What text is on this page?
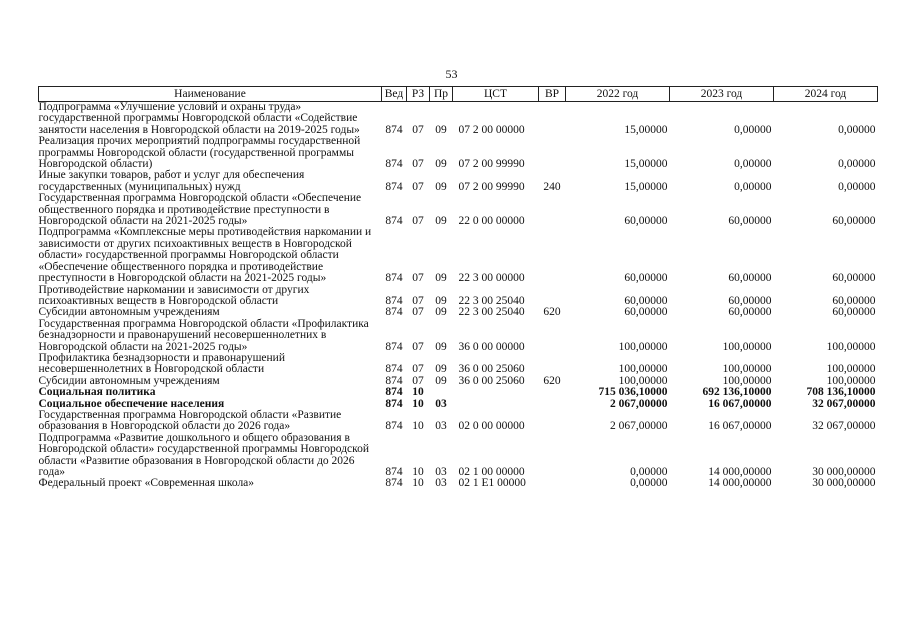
53
Наименование	Вед	РЗ	Пр	ЦСТ	ВР	2022 год	2023 год	2024 год
Подпрограмма «Улучшение условий и охраны труда» государственной программы Новгородской области «Содействие занятости населения в Новгородской области на 2019-2025 годы»	874	07	09	07 2 00 00000		15,00000	0,00000	0,00000
Реализация прочих мероприятий подпрограммы государственной программы Новгородской области (государственной программы Новгородской области)	874	07	09	07 2 00 99990		15,00000	0,00000	0,00000
Иные закупки товаров, работ и услуг для обеспечения государственных (муниципальных) нужд	874	07	09	07 2 00 99990	240	15,00000	0,00000	0,00000
Государственная программа Новгородской области «Обеспечение общественного порядка и противодействие преступности в Новгородской области на 2021-2025 годы»	874	07	09	22 0 00 00000		60,00000	60,00000	60,00000
Подпрограмма «Комплексные меры противодействия наркомании и зависимости от других психоактивных веществ в Новгородской области» государственной программы Новгородской области «Обеспечение общественного порядка и противодействие преступности в Новгородской области на 2021-2025 годы»	874	07	09	22 3 00 00000		60,00000	60,00000	60,00000
Противодействие наркомании и зависимости от других психоактивных веществ в Новгородской области	874	07	09	22 3 00 25040		60,00000	60,00000	60,00000
Субсидии автономным учреждениям	874	07	09	22 3 00 25040	620	60,00000	60,00000	60,00000
Государственная программа Новгородской области «Профилактика безнадзорности и правонарушений несовершеннолетних в Новгородской области на 2021-2025 годы»	874	07	09	36 0 00 00000		100,00000	100,00000	100,00000
Профилактика безнадзорности и правонарушений несовершеннолетних в Новгородской области	874	07	09	36 0 00 25060		100,00000	100,00000	100,00000
Субсидии автономным учреждениям	874	07	09	36 0 00 25060	620	100,00000	100,00000	100,00000
Социальная политика	874	10				715 036,10000	692 136,10000	708 136,10000
Социальное обеспечение населения	874	10	03			2 067,00000	16 067,00000	32 067,00000
Государственная программа Новгородской области «Развитие образования в Новгородской области до 2026 года»	874	10	03	02 0 00 00000		2 067,00000	16 067,00000	32 067,00000
Подпрограмма «Развитие дошкольного и общего образования в Новгородской области» государственной программы Новгородской области «Развитие образования в Новгородской области до 2026 года»	874	10	03	02 1 00 00000		0,00000	14 000,00000	30 000,00000
Федеральный проект «Современная школа»	874	10	03	02 1 E1 00000		0,00000	14 000,00000	30 000,00000
